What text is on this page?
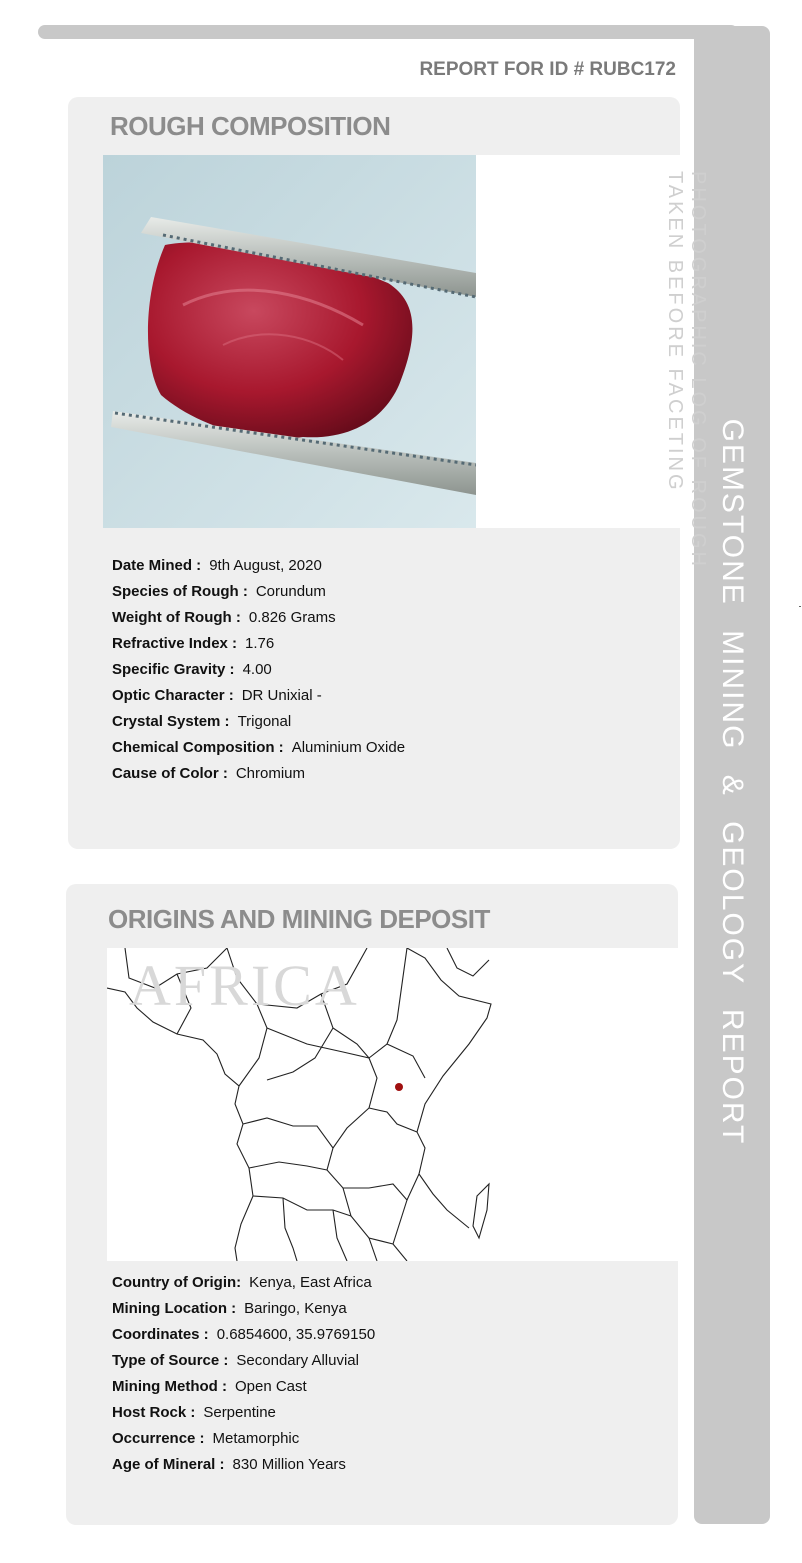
GEMSTONE MINING & GEOLOGY REPORT
REPORT FOR ID # RUBC172
ROUGH COMPOSITION
PHOTOGRAPHIC LOG OF ROUGH
TAKEN BEFORE FACETING
Date Mined : 9th August, 2020
Species of Rough : Corundum
Weight of Rough : 0.826 Grams
Refractive Index : 1.76
Specific Gravity : 4.00
Optic Character : DR Unixial -
Crystal System : Trigonal
Chemical Composition : Aluminium Oxide
Cause of Color : Chromium
ORIGINS AND MINING DEPOSIT
AFRICA
Country of Origin: Kenya, East Africa
Mining Location : Baringo, Kenya
Coordinates : 0.6854600, 35.9769150
Type of Source : Secondary Alluvial
Mining Method : Open Cast
Host Rock : Serpentine
Occurrence : Metamorphic
Age of Mineral : 830 Million Years
